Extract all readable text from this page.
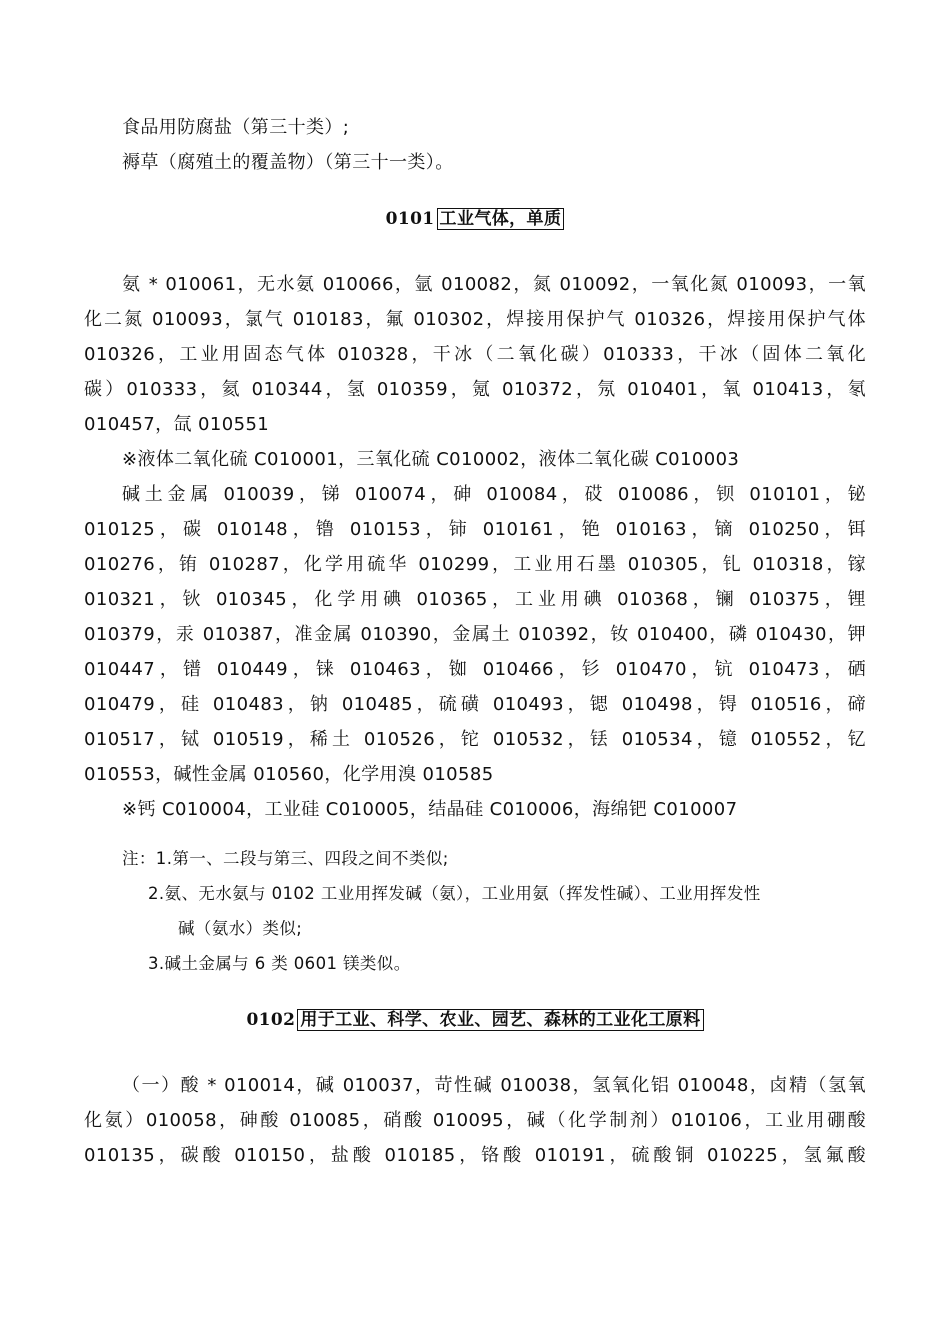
食品用防腐盐（第三十类）;
褥草（腐殖土的覆盖物）（第三十一类）。
0101 工业气体，单质
氨 * 010061，无水氨 010066，氩 010082，氮 010092，一氧化氮 010093，一氧
化二氮 010093，氯气 010183，氟 010302，焊接用保护气 010326，焊接用保护气体
010326，工业用固态气体 010328，干冰（二氧化碳）010333，干冰（固体二氧化
碳）010333，氦 010344，氢 010359，氪 010372，氖 010401，氧 010413，氡
010457，氙 010551
※液体二氧化硫 C010001，三氧化硫 C010002，液体二氧化碳 C010003
碱土金属 010039，锑 010074，砷 010084，砹 010086，钡 010101，铋
010125，碳 010148，镥 010153，铈 010161，铯 010163，镝 010250，铒
010276，铕 010287，化学用硫华 010299，工业用石墨 010305，钆 010318，镓
010321，钬 010345，化学用碘 010365，工业用碘 010368，镧 010375，锂
010379，汞 010387，准金属 010390，金属土 010392，钕 010400，磷 010430，钾
010447，镨 010449，铼 010463，铷 010466，钐 010470，钪 010473，硒
010479，硅 010483，钠 010485，硫磺 010493，锶 010498，锝 010516，碲
010517，铽 010519，稀土 010526，铊 010532，铥 010534，镱 010552，钇
010553，碱性金属 010560，化学用溴 010585
※钙 C010004，工业硅 C010005，结晶硅 C010006，海绵钯 C010007
注：1.第一、二段与第三、四段之间不类似;
2.氨、无水氨与 0102 工业用挥发碱（氨），工业用氨（挥发性碱）、工业用挥发性
碱（氨水）类似;
3.碱土金属与 6 类 0601 镁类似。
0102 用于工业、科学、农业、园艺、森林的工业化工原料
（一）酸 * 010014，碱 010037，苛性碱 010038，氢氧化铝 010048，卤精（氢氧
化氨）010058，砷酸 010085，硝酸 010095，碱（化学制剂）010106，工业用硼酸
010135，碳酸 010150，盐酸 010185，铬酸 010191，硫酸铜 010225，氢氟酸
